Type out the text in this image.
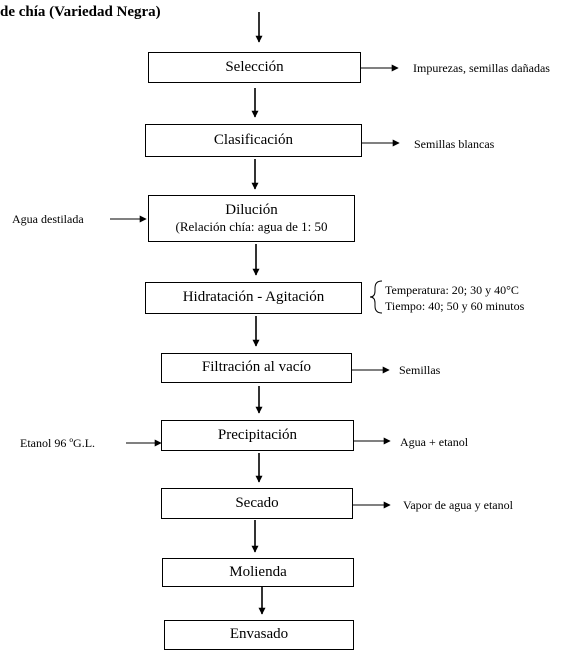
de chía (Variedad Negra)
Selección
Clasificación
Dilución
(Relación chía: agua de 1: 50
Hidratación - Agitación
Filtración al vacío
Precipitación
Secado
Molienda
Envasado
Impurezas, semillas dañadas
Semillas blancas
Semillas
Agua + etanol
Vapor de agua y etanol
Agua destilada
Etanol 96 ºG.L.
Temperatura: 20; 30 y 40°C
Tiempo: 40; 50 y 60 minutos
